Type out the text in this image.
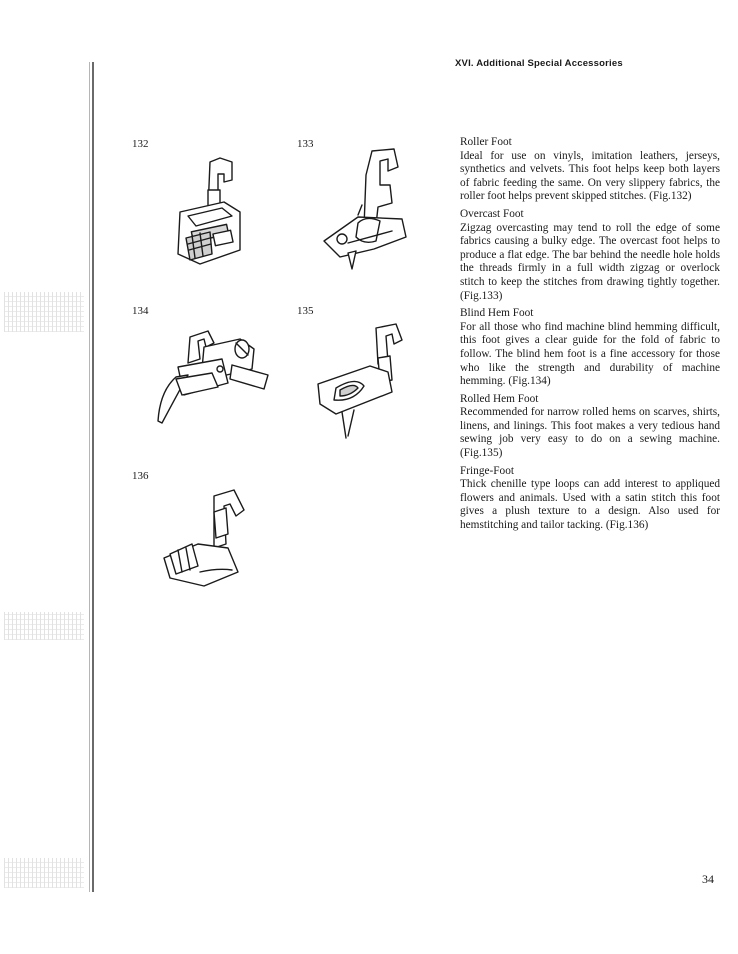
XVI. Additional Special Accessories
132	133
134	135
136

Roller Foot

Ideal for use on vinyls, imitation leathers, jerseys, synthetics and velvets. This foot helps keep both layers of fabric feeding the same. On very slippery fabrics, the roller foot helps prevent skipped stitches. (Fig.132)

Overcast Foot

Zigzag overcasting may tend to roll the edge of some fabrics causing a bulky edge. The overcast foot helps to produce a flat edge. The bar behind the needle hole holds the threads firmly in a full width zigzag or overlock stitch to keep the stitches from drawing tightly together. (Fig.133)

Blind Hem Foot

For all those who find machine blind hemming difficult, this foot gives a clear guide for the fold of fabric to follow. The blind hem foot is a fine accessory for those who like the strength and durability of machine hemming. (Fig.134)

Rolled Hem Foot

Recommended for narrow rolled hems on scarves, shirts, linens, and linings. This foot makes a very tedious hand sewing job very easy to do on a sewing machine. (Fig.135)

Fringe-Foot

Thick chenille type loops can add interest to appliqued flowers and animals. Used with a satin stitch this foot gives a plush texture to a design. Also used for hemstitching and tailor tacking. (Fig.136)

34
